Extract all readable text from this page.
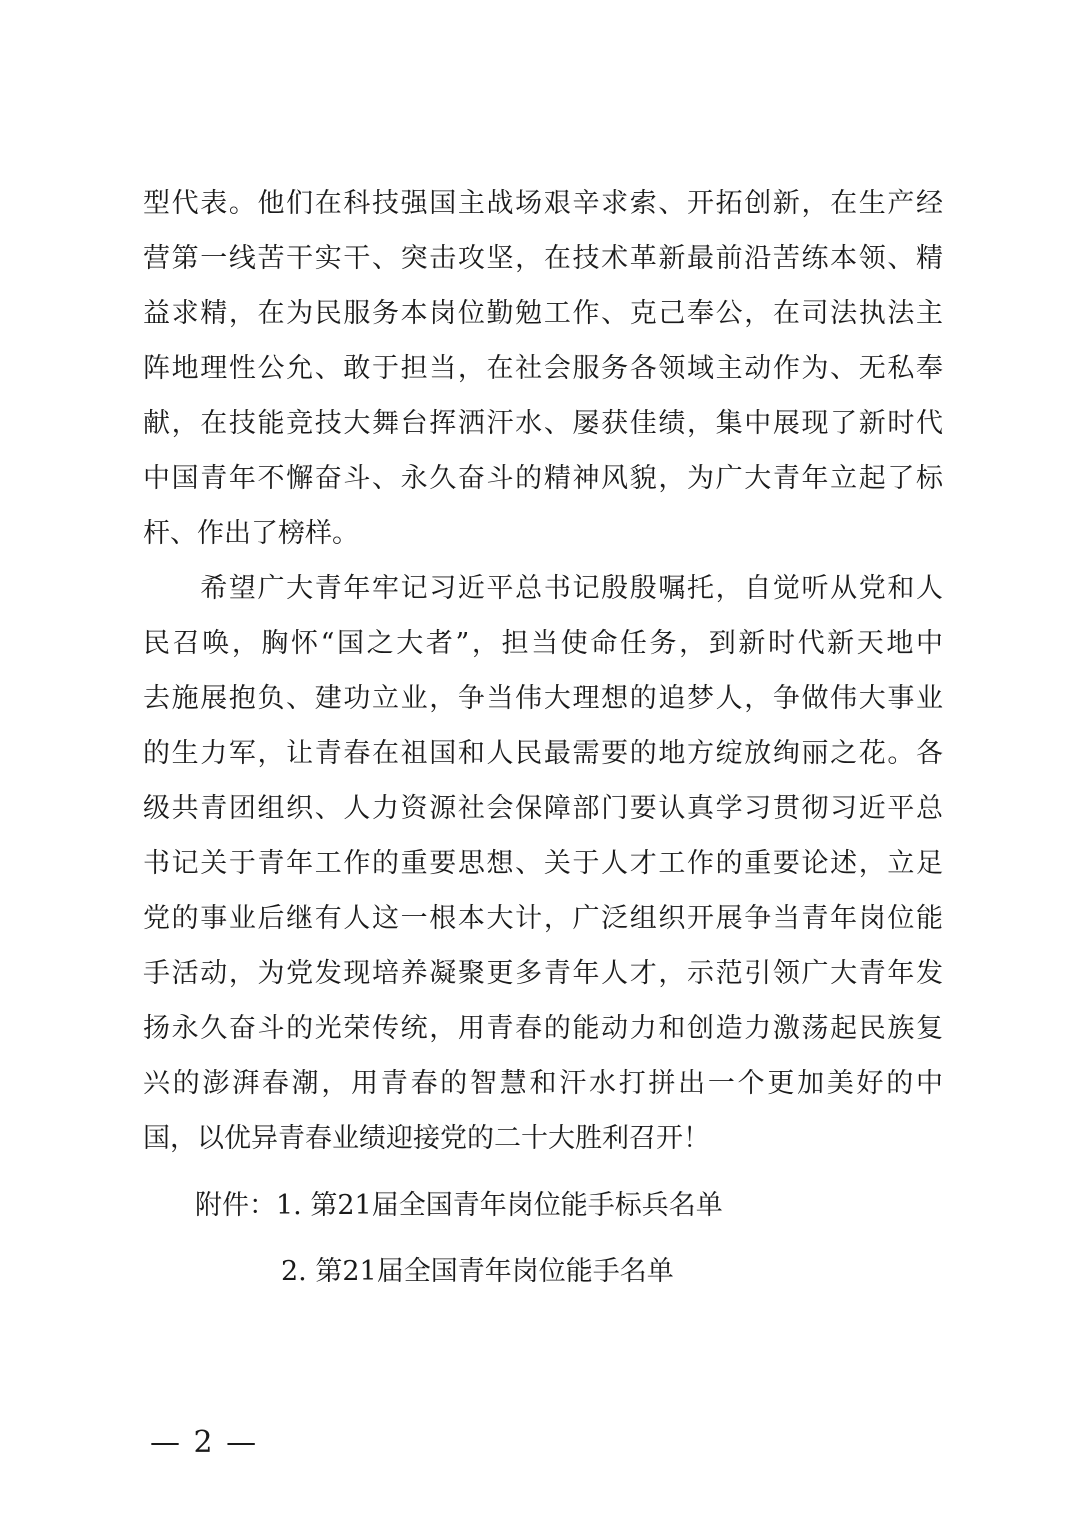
型代表。他们在科技强国主战场艰辛求索、开拓创新，在生产经
营第一线苦干实干、突击攻坚，在技术革新最前沿苦练本领、精
益求精，在为民服务本岗位勤勉工作、克己奉公，在司法执法主
阵地理性公允、敢于担当，在社会服务各领域主动作为、无私奉
献，在技能竞技大舞台挥洒汗水、屡获佳绩，集中展现了新时代
中国青年不懈奋斗、永久奋斗的精神风貌，为广大青年立起了标
杆、作出了榜样。
　　希望广大青年牢记习近平总书记殷殷嘱托，自觉听从党和人
民召唤，胸怀“国之大者”，担当使命任务，到新时代新天地中
去施展抱负、建功立业，争当伟大理想的追梦人，争做伟大事业
的生力军，让青春在祖国和人民最需要的地方绽放绚丽之花。各
级共青团组织、人力资源社会保障部门要认真学习贯彻习近平总
书记关于青年工作的重要思想、关于人才工作的重要论述，立足
党的事业后继有人这一根本大计，广泛组织开展争当青年岗位能
手活动，为党发现培养凝聚更多青年人才，示范引领广大青年发
扬永久奋斗的光荣传统，用青春的能动力和创造力激荡起民族复
兴的澎湃春潮，用青春的智慧和汗水打拼出一个更加美好的中
国，以优异青春业绩迎接党的二十大胜利召开！
附件：1. 第21届全国青年岗位能手标兵名单
2. 第21届全国青年岗位能手名单
— 2 —
